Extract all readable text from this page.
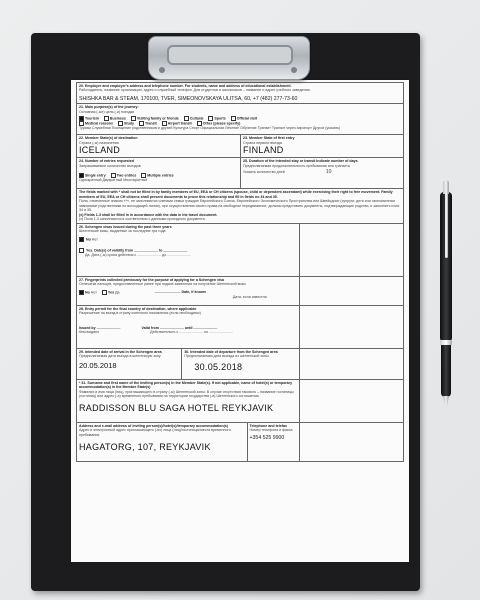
20. Employer and employer's address and telephone number. For students, name and address of educational establishment.
Работодатель, название организации, адрес и служебный телефон. Для студентов и школьников – название и адрес учебного заведения.
SHISHKA BAR & STEAM, 170100, TVER, SIMEONOVSKAYA ULITSA, 60, +7 (482) 277-73-60
21. Main purpose(s) of the journey:
Основная (-ые) цель (-и) поездки
Tourism	Business	Visiting family or friends	Cultural	Sports	Official visit
Medical reasons	Study	Transit	Airport transit	Other (please specify)
Туризм Служебная Посещение родственников и друзей Культура Спорт Официальная Лечение Обучение Транзит Транзит через аэропорт Другое (указать)
22. Member State(s) of destination
Страна (-ы) назначения
ICELAND
23. Member State of first entry
Страна первого въезда
FINLAND
24. Number of entries requested
Запрашиваемое количество въездов
Single entry	Two entries	Multiple entries
Однократный Двукратный Многократный
25. Duration of the intended stay or transit Indicate number of days
Предполагаемая продолжительность пребывания или транзита
Указать количество дней	10
The fields marked with * shall not be filled in by family members of EU, EEA or CH citizens (spouse, child or dependent ascendant) while exercising their right to free movement. Family members of EU, EEA or CH citizens shall present documents to prove this relationship and fill in fields no 34 and 35.
Поля, отмеченные знаком «*», не заполняются членами семьи граждан Европейского Союза, Европейского Экономического Пространства или Швейцарии (супруги, дети или экономически зависимые родственники по восходящей линии), при осуществлении своего права на свободное передвижение, должны представить документы, подтверждающие родство, и заполнить поля 34 и 35.
(x) Fields 1-3 shall be filled in in accordance with the data in the travel document.
(x) Поля 1-3 заполняются в соответствии с данными проездного документа.
26. Schengen visas issued during the past three years
Шенгенские визы, выданные за последние три года
No Нет
Yes. Date(s) of validity from ........................ to ........................
Да. Дата (-ы) срока действия с ........................ до ........................
27. Fingerprints collected previously for the purpose of applying for a Schengen visa
Отпечатки пальцев, предоставленные ранее при подаче заявления на получение Шенгенской визы
No Нет	Yes Да	.......................... Date, if known
Дата, если известна
28. Entry permit for the final country of destination, where applicable
Разрешение на въезд в страну конечного назначения (если необходимо)
Issued by ........................	Valid from ........................ until ........................
Кем выдано	Действительно с ........................ по ........................
29. Intended date of arrival in the Schengen area
Предполагаемая дата въезда в шенгенскую зону
20.05.2018
30. Intended date of departure from the Schengen area
Предполагаемая дата выезда из шенгенской зоны
30.05.2018
* 31. Surname and first name of the inviting person(s) in the Member State(s). If not applicable, name of hotel(s) or temporary accommodation(s) in the Member State(s)
Фамилия и имя лица (лиц), приглашающего в страну (-ы) Шенгенской зоны. В случае отсутствия такового – название гостиницы (гостиниц) или адрес (-а) временного пребывания на территории государства (-в) Шенгенского соглашения.
RADDISSON BLU SAGA HOTEL REYKJAVIK
Address and e-mail address of inviting person(s)/hotel(s)/temporary accommodation(s)
Адрес и электронный адрес приглашающего (-их) лица (лиц)/гостиницы/места временного пребывания
HAGATORG, 107, REYKJAVIK
Telephone and telefax
Номер телефона и факса
+354 525 9900
